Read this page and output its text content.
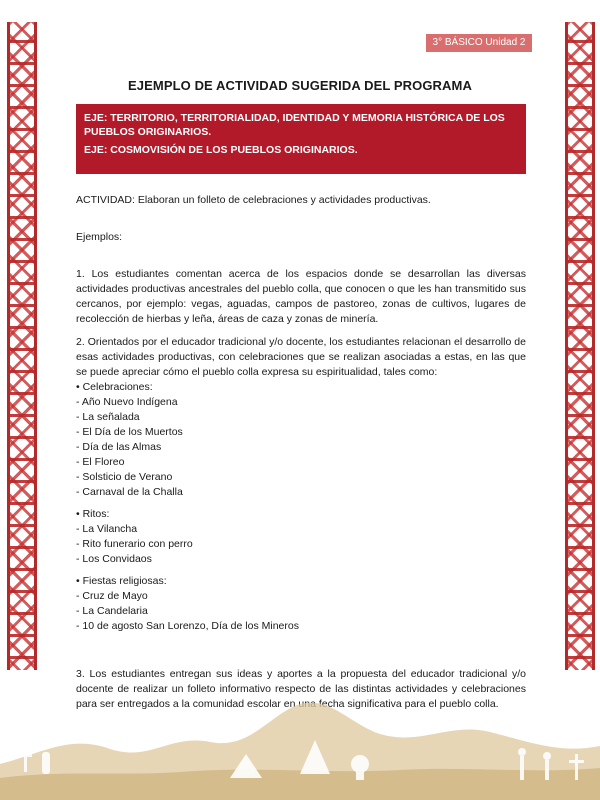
3° BÁSICO Unidad 2
EJEMPLO DE ACTIVIDAD SUGERIDA DEL PROGRAMA

EJE: TERRITORIO, TERRITORIALIDAD, IDENTIDAD Y MEMORIA HISTÓRICA DE LOS PUEBLOS ORIGINARIOS.

EJE: COSMOVISIÓN DE LOS PUEBLOS ORIGINARIOS.

ACTIVIDAD: Elaboran un folleto de celebraciones y actividades productivas.

Ejemplos:

1. Los estudiantes comentan acerca de los espacios donde se desarrollan las diversas actividades productivas ancestrales del pueblo colla, que conocen o que les han transmitido sus cercanos, por ejemplo: vegas, aguadas, campos de pastoreo, zonas de cultivos, lugares de recolección de hierbas y leña, áreas de caza y zonas de minería.

2. Orientados por el educador tradicional y/o docente, los estudiantes relacionan el desarrollo de esas actividades productivas, con celebraciones que se realizan asociadas a estas, en las que se puede apreciar cómo el pueblo colla expresa su espiritualidad, tales como:

• Celebraciones:

- Año Nuevo Indígena

- La señalada

- El Día de los Muertos

- Día de las Almas

- El Floreo

- Solsticio de Verano

- Carnaval de la Challa

• Ritos:

- La Vilancha

- Rito funerario con perro

- Los Convidaos

• Fiestas religiosas:

- Cruz de Mayo

- La Candelaria

- 10 de agosto San Lorenzo, Día de los Mineros

3. Los estudiantes entregan sus ideas y aportes a la propuesta del educador tradicional y/o docente de realizar un folleto informativo respecto de las distintas actividades y celebraciones para ser entregados a la comunidad escolar en una fecha significativa para el pueblo colla.
